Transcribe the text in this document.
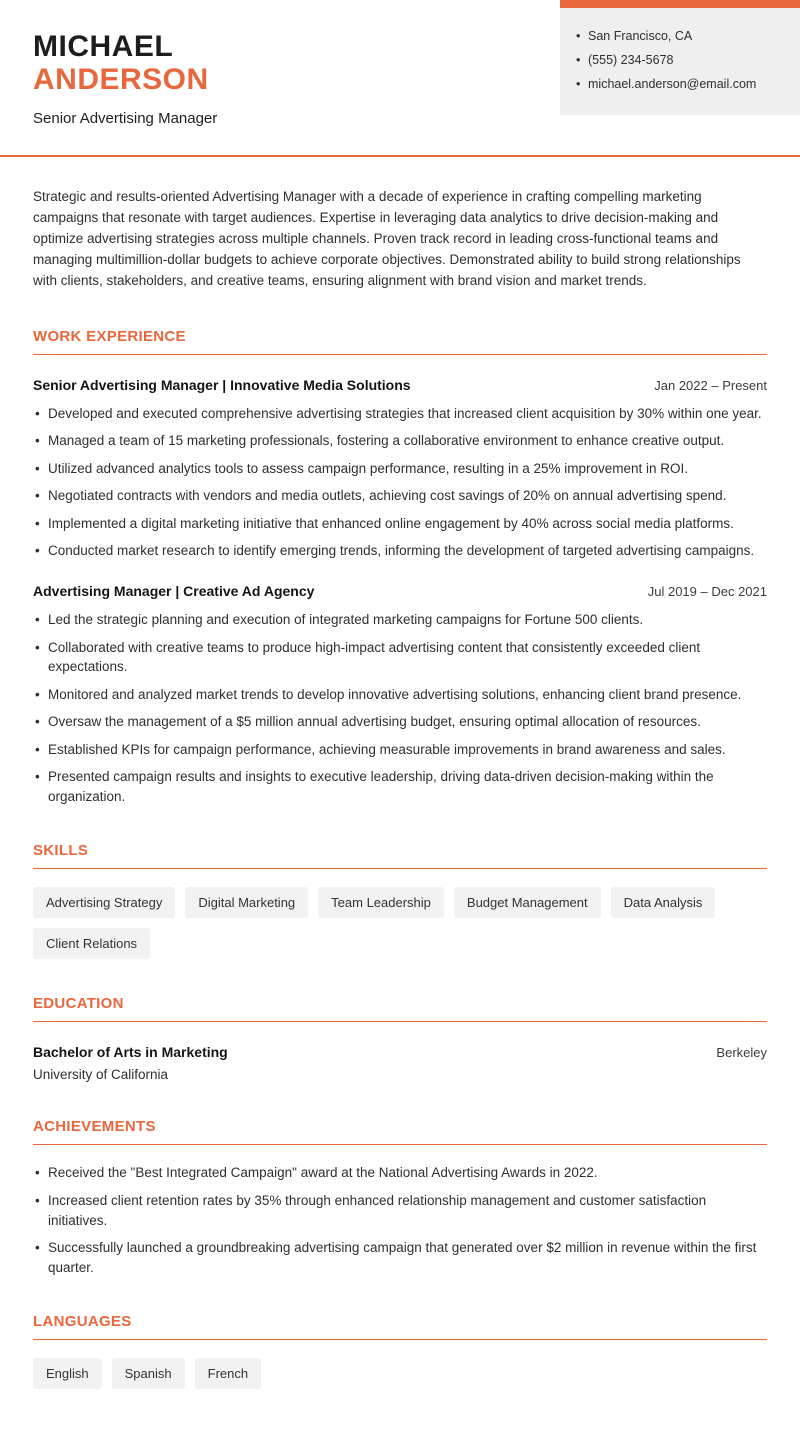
MICHAEL
ANDERSON
Senior Advertising Manager
• San Francisco, CA
• (555) 234-5678
• michael.anderson@email.com

Strategic and results-oriented Advertising Manager with a decade of experience in crafting compelling marketing campaigns that resonate with target audiences. Expertise in leveraging data analytics to drive decision-making and optimize advertising strategies across multiple channels. Proven track record in leading cross-functional teams and managing multimillion-dollar budgets to achieve corporate objectives. Demonstrated ability to build strong relationships with clients, stakeholders, and creative teams, ensuring alignment with brand vision and market trends.

WORK EXPERIENCE
Senior Advertising Manager | Innovative Media Solutions	Jan 2022 – Present
• Developed and executed comprehensive advertising strategies that increased client acquisition by 30% within one year.
• Managed a team of 15 marketing professionals, fostering a collaborative environment to enhance creative output.
• Utilized advanced analytics tools to assess campaign performance, resulting in a 25% improvement in ROI.
• Negotiated contracts with vendors and media outlets, achieving cost savings of 20% on annual advertising spend.
• Implemented a digital marketing initiative that enhanced online engagement by 40% across social media platforms.
• Conducted market research to identify emerging trends, informing the development of targeted advertising campaigns.
Advertising Manager | Creative Ad Agency	Jul 2019 – Dec 2021
• Led the strategic planning and execution of integrated marketing campaigns for Fortune 500 clients.
• Collaborated with creative teams to produce high-impact advertising content that consistently exceeded client expectations.
• Monitored and analyzed market trends to develop innovative advertising solutions, enhancing client brand presence.
• Oversaw the management of a $5 million annual advertising budget, ensuring optimal allocation of resources.
• Established KPIs for campaign performance, achieving measurable improvements in brand awareness and sales.
• Presented campaign results and insights to executive leadership, driving data-driven decision-making within the organization.
SKILLS
Advertising Strategy	Digital Marketing	Team Leadership	Budget Management	Data Analysis
Client Relations
EDUCATION
Bachelor of Arts in Marketing	Berkeley
University of California
ACHIEVEMENTS
• Received the "Best Integrated Campaign" award at the National Advertising Awards in 2022.
• Increased client retention rates by 35% through enhanced relationship management and customer satisfaction initiatives.
• Successfully launched a groundbreaking advertising campaign that generated over $2 million in revenue within the first quarter.
LANGUAGES
English	Spanish	French
